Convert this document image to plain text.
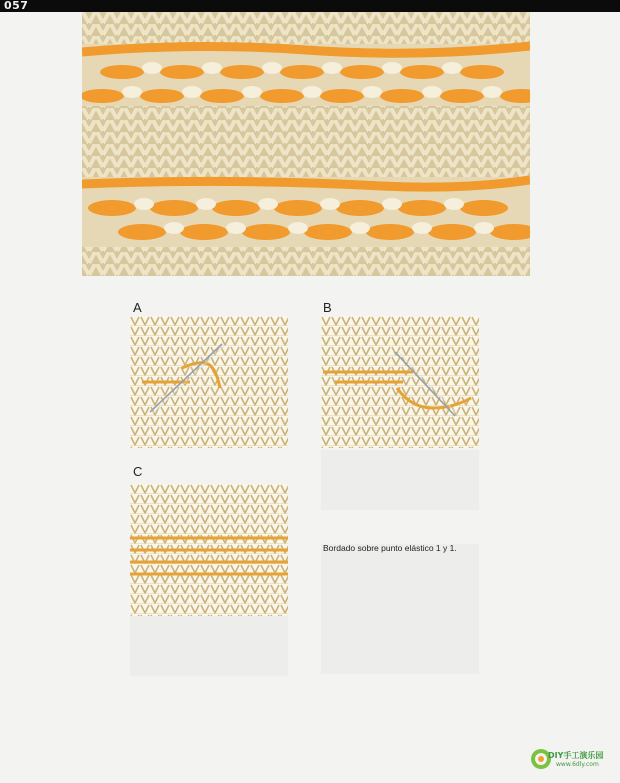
057
A	B
C
Bordado sobre punto elástico 1 y 1.
DIY手工演乐园
www.6dly.com
